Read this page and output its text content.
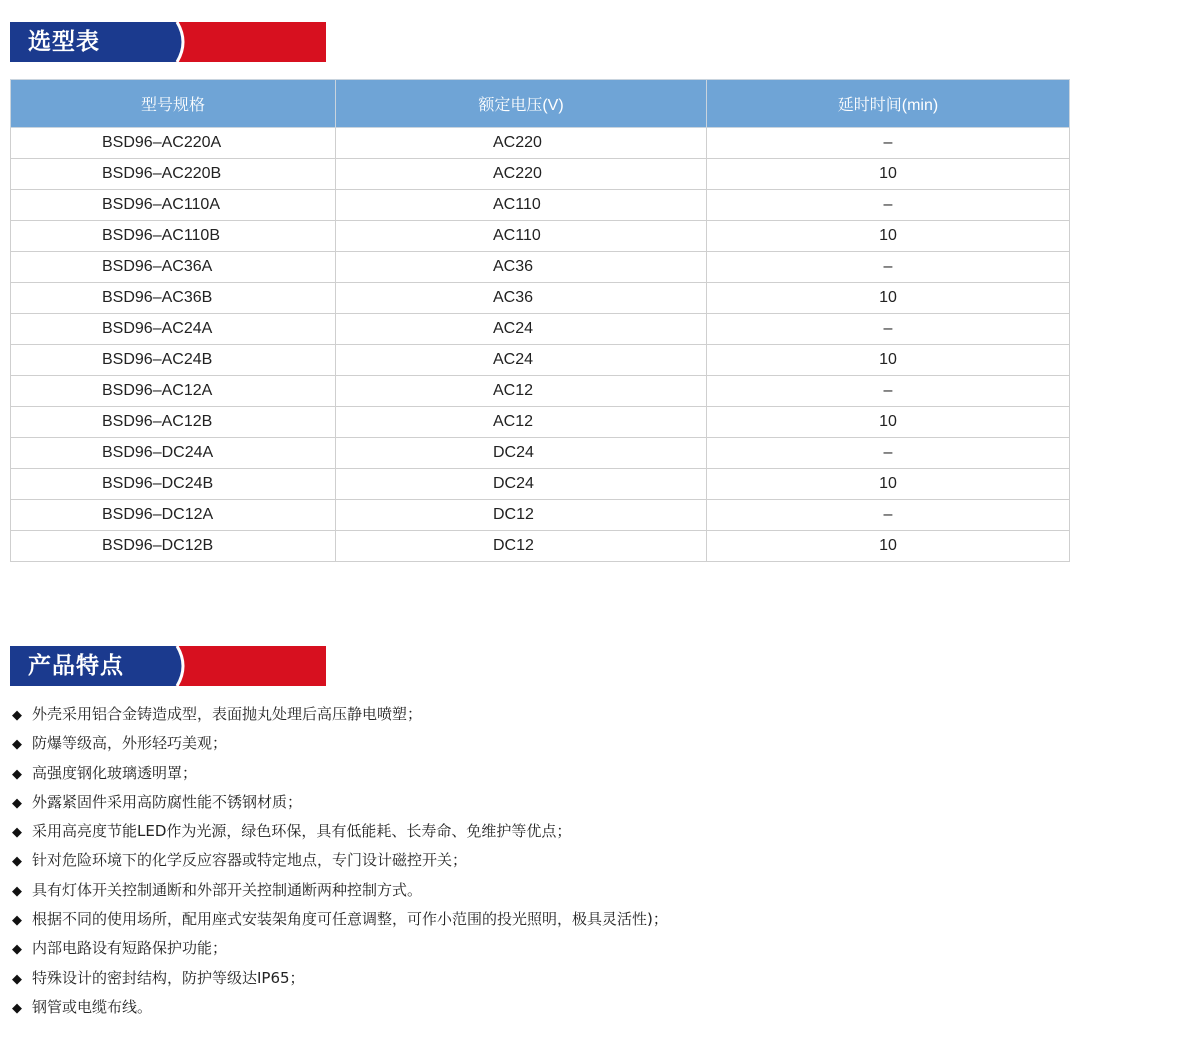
选型表
型号规格	额定电压(V)	延时时间(min)
BSD96–AC220A	AC220	–
BSD96–AC220B	AC220	10
BSD96–AC110A	AC110	–
BSD96–AC110B	AC110	10
BSD96–AC36A	AC36	–
BSD96–AC36B	AC36	10
BSD96–AC24A	AC24	–
BSD96–AC24B	AC24	10
BSD96–AC12A	AC12	–
BSD96–AC12B	AC12	10
BSD96–DC24A	DC24	–
BSD96–DC24B	DC24	10
BSD96–DC12A	DC12	–
BSD96–DC12B	DC12	10
产品特点
◆ 外壳采用铝合金铸造成型，表面抛丸处理后高压静电喷塑；
◆ 防爆等级高，外形轻巧美观；
◆ 高强度钢化玻璃透明罩；
◆ 外露紧固件采用高防腐性能不锈钢材质；
◆ 采用高亮度节能LED作为光源，绿色环保，具有低能耗、长寿命、免维护等优点；
◆ 针对危险环境下的化学反应容器或特定地点，专门设计磁控开关；
◆ 具有灯体开关控制通断和外部开关控制通断两种控制方式。
◆ 根据不同的使用场所，配用座式安装架角度可任意调整，可作小范围的投光照明，极具灵活性)；
◆ 内部电路设有短路保护功能；
◆ 特殊设计的密封结构，防护等级达IP65；
◆ 钢管或电缆布线。
